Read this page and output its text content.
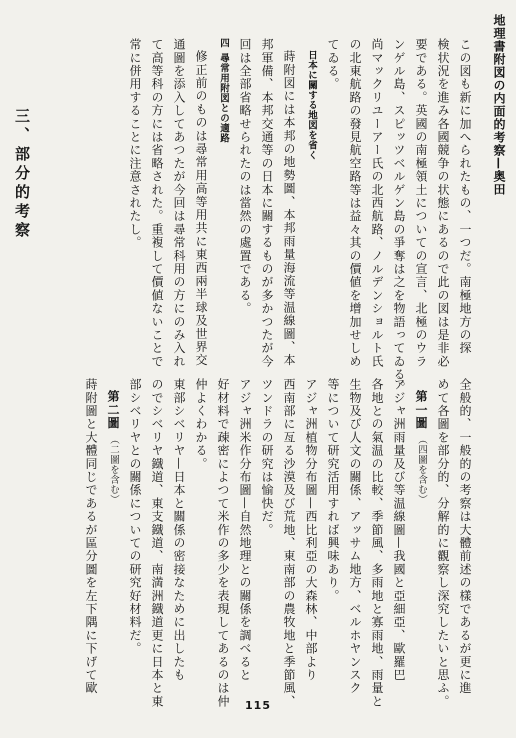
地理書附図の内面的考察—奥田

この図も新に加へられたもの、一つだ。南極地方の探

検状況を進み各國競争の状態にあるので此の図は是非必

要である。英國の南極領土についての宣言、北極のウラ

ンゲル島、スピッツベルゲン島の爭奪は之を物語ってゐる。

尚マックリユーアー氏の北西航路、ノルデンショルト氏

の北東航路の發見航空路等は益々其の價値を增加せしめ

てゐる。

日本に關する地図を省く

蒔附図には本邦の地勢圖、本邦雨量海流等温線圖、本

邦軍備、本邦交通等の日本に關するものが多かつたが今

回は全部省略せられたのは當然の處置である。

四 尋常用附図との適路

修正前のものは尋常用高等用共に東西兩半球及世界交

通圖を添入してあつたが今回は尋常科用の方にのみ入れ

て高等科の方には省略された。重複して價値ないことで

常に併用することに注意されたし。

三、部分的考察

全般的、一般的の考察は大體前述の樣であるが更に進

めて各圖を部分的、分解的に觀察し深究したいと思ふ。

第一圖 （四圖を含む）

アジャ洲雨量及び等温線圖—我國と亞細亞、歐羅巴

各地との氣温の比較、季節風、多雨地と寡雨地、雨量と

生物及び人文の關係、アッサム地方、ベルホヤンスク

等について研究活用すれば興味あり。

アジャ洲植物分布圖—西比利亞の大森林、中部より

西南部に亙る沙漠及び荒地、東南部の農牧地と季節風、

ツンドラの研究は愉快だ。

アジャ洲米作分布圖—自然地理との關係を調べると

好材料で疎密によつて米作の多少を表現してあるのは仲

仲よくわかる。

東部シベリヤ—日本と關係の密接なために出したも

のでシベリヤ鐡道、東支鐡道、南満洲鐡道更に日本と東

部シベリヤとの關係についての研究好材料だ。

第二圖 （二圖を含む）

蒔附圖と大體同じであるが區分圖を左下隅に下げて歐

115
